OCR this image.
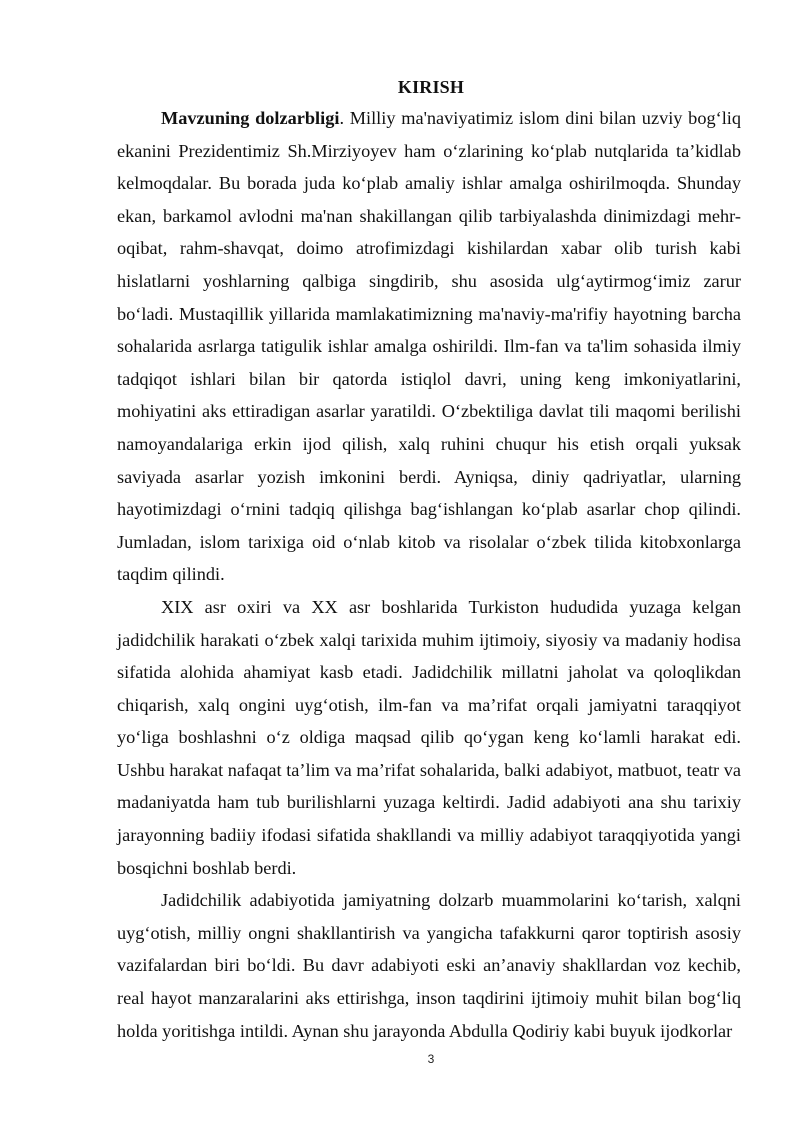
KIRISH

Mavzuning dolzarbligi. Milliy ma'naviyatimiz islom dini bilan uzviy bog‘liq ekanini Prezidentimiz Sh.Mirziyoyev ham o‘zlarining ko‘plab nutqlarida ta’kidlab kelmoqdalar. Bu borada juda ko‘plab amaliy ishlar amalga oshirilmoqda. Shunday ekan, barkamol avlodni ma'nan shakillangan qilib tarbiyalashda dinimizdagi mehr-oqibat, rahm-shavqat, doimo atrofimizdagi kishilardan xabar olib turish kabi hislatlarni yoshlarning qalbiga singdirib, shu asosida ulg‘aytirmog‘imiz zarur bo‘ladi. Mustaqillik yillarida mamlakatimizning ma'naviy-ma'rifiy hayotning barcha sohalarida asrlarga tatigulik ishlar amalga oshirildi. Ilm-fan va ta'lim sohasida ilmiy tadqiqot ishlari bilan bir qatorda istiqlol davri, uning keng imkoniyatlarini, mohiyatini aks ettiradigan asarlar yaratildi. O‘zbektiliga davlat tili maqomi berilishi namoyandalariga erkin ijod qilish, xalq ruhini chuqur his etish orqali yuksak saviyada asarlar yozish imkonini berdi. Ayniqsa, diniy qadriyatlar, ularning hayotimizdagi o‘rnini tadqiq qilishga bag‘ishlangan ko‘plab asarlar chop qilindi. Jumladan, islom tarixiga oid o‘nlab kitob va risolalar o‘zbek tilida kitobxonlarga taqdim qilindi.

XIX asr oxiri va XX asr boshlarida Turkiston hududida yuzaga kelgan jadidchilik harakati o‘zbek xalqi tarixida muhim ijtimoiy, siyosiy va madaniy hodisa sifatida alohida ahamiyat kasb etadi. Jadidchilik millatni jaholat va qoloqlikdan chiqarish, xalq ongini uyg‘otish, ilm-fan va ma’rifat orqali jamiyatni taraqqiyot yo‘liga boshlashni o‘z oldiga maqsad qilib qo‘ygan keng ko‘lamli harakat edi. Ushbu harakat nafaqat ta’lim va ma’rifat sohalarida, balki adabiyot, matbuot, teatr va madaniyatda ham tub burilishlarni yuzaga keltirdi. Jadid adabiyoti ana shu tarixiy jarayonning badiiy ifodasi sifatida shakllandi va milliy adabiyot taraqqiyotida yangi bosqichni boshlab berdi.

Jadidchilik adabiyotida jamiyatning dolzarb muammolarini ko‘tarish, xalqni uyg‘otish, milliy ongni shakllantirish va yangicha tafakkurni qaror toptirish asosiy vazifalardan biri bo‘ldi. Bu davr adabiyoti eski an’anaviy shakllardan voz kechib, real hayot manzaralarini aks ettirishga, inson taqdirini ijtimoiy muhit bilan bog‘liq holda yoritishga intildi. Aynan shu jarayonda Abdulla Qodiriy kabi buyuk ijodkorlar

3
